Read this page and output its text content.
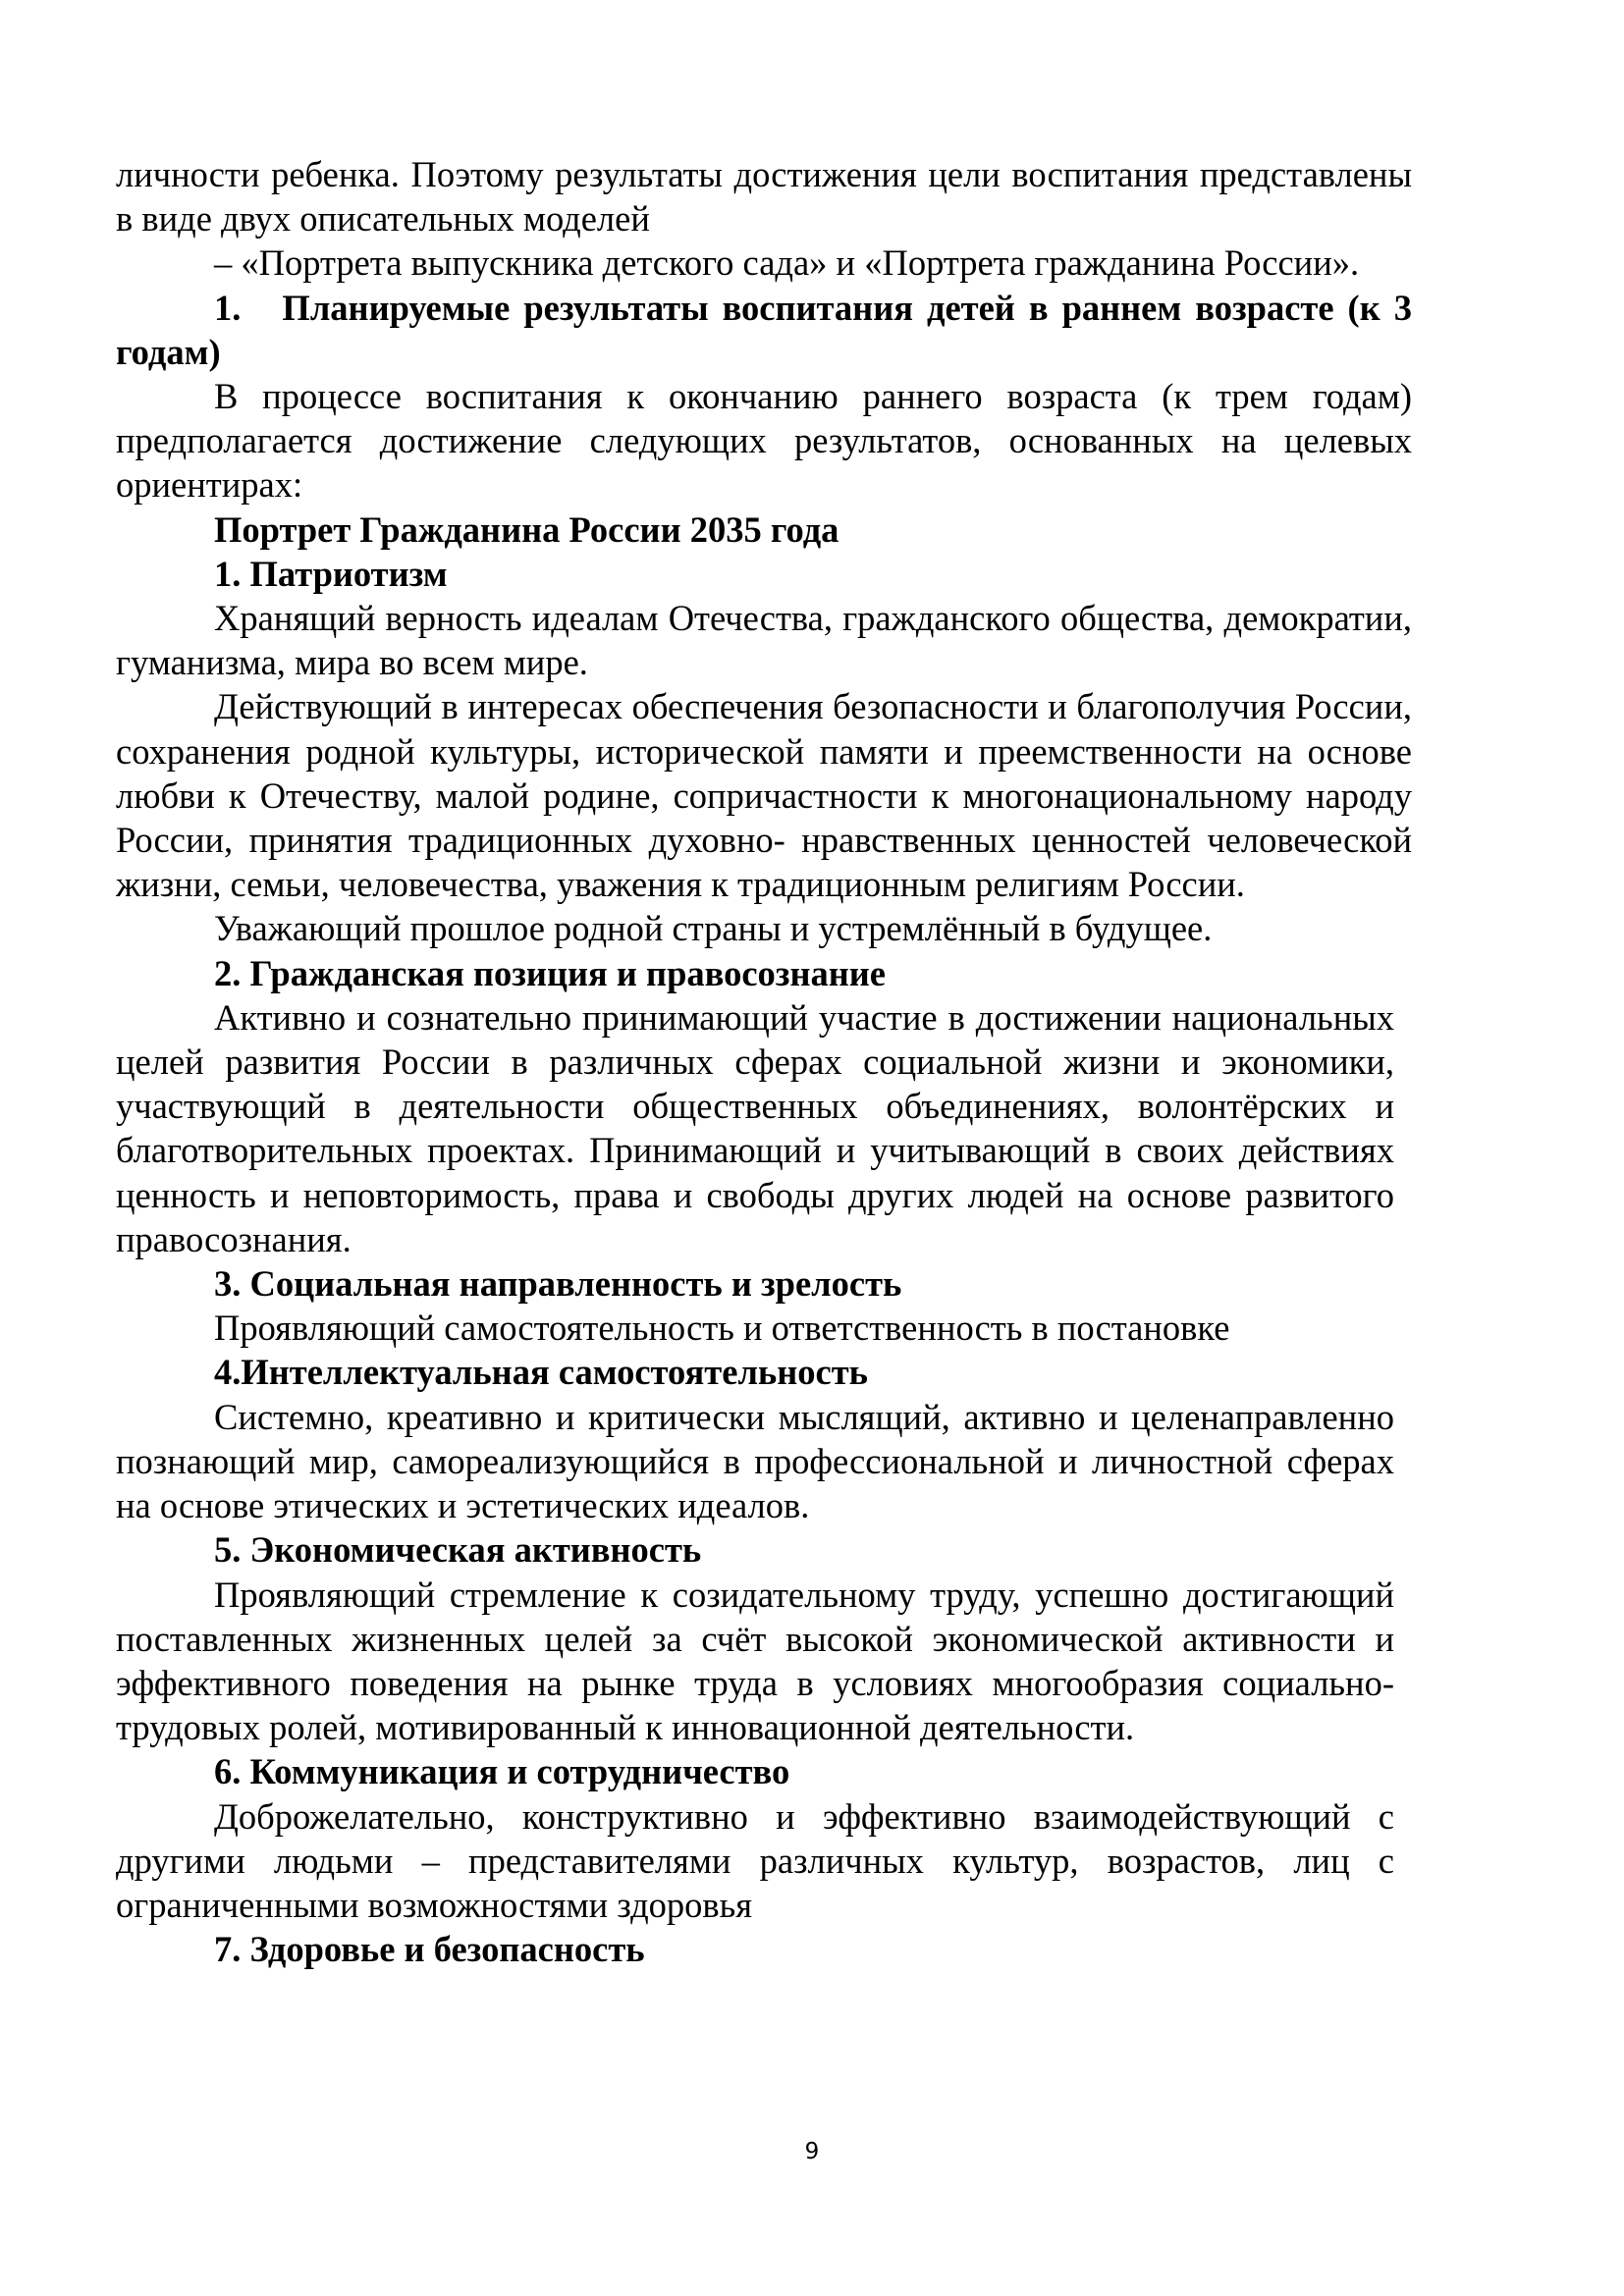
личности ребенка. Поэтому результаты достижения цели воспитания представлены в виде двух описательных моделей

– «Портрета выпускника детского сада» и «Портрета гражданина России».

1.   Планируемые результаты воспитания детей в раннем возрасте (к 3 годам)

В процессе воспитания к окончанию раннего возраста (к трем годам) предполагается достижение следующих результатов, основанных на целевых ориентирах:

Портрет Гражданина России 2035 года

1. Патриотизм

Хранящий верность идеалам Отечества, гражданского общества, демократии, гуманизма, мира во всем мире.

Действующий в интересах обеспечения безопасности и благополучия России, сохранения родной культуры, исторической памяти и преемственности на основе любви к Отечеству, малой родине, сопричастности к многонациональному народу России, принятия традиционных духовно- нравственных ценностей человеческой жизни, семьи, человечества, уважения к традиционным религиям России.

Уважающий прошлое родной страны и устремлённый в будущее.

2. Гражданская позиция и правосознание

Активно и сознательно принимающий участие в достижении национальных целей развития России в различных сферах социальной жизни и экономики, участвующий в деятельности общественных объединениях, волонтёрских и благотворительных проектах. Принимающий и учитывающий в своих действиях ценность и неповторимость, права и свободы других людей на основе развитого правосознания.

3. Социальная направленность и зрелость

Проявляющий самостоятельность и ответственность в постановке

4.Интеллектуальная самостоятельность

Системно, креативно и критически мыслящий, активно и целенаправленно познающий мир, самореализующийся в профессиональной и личностной сферах на основе этических и эстетических идеалов.

5. Экономическая активность

Проявляющий стремление к созидательному труду, успешно достигающий поставленных жизненных целей за счёт высокой экономической активности и эффективного поведения на рынке труда в условиях многообразия социально-трудовых ролей, мотивированный к инновационной деятельности.

6. Коммуникация и сотрудничество

Доброжелательно, конструктивно и эффективно взаимодействующий с другими людьми – представителями различных культур, возрастов, лиц с ограниченными возможностями здоровья

7. Здоровье и безопасность

9
